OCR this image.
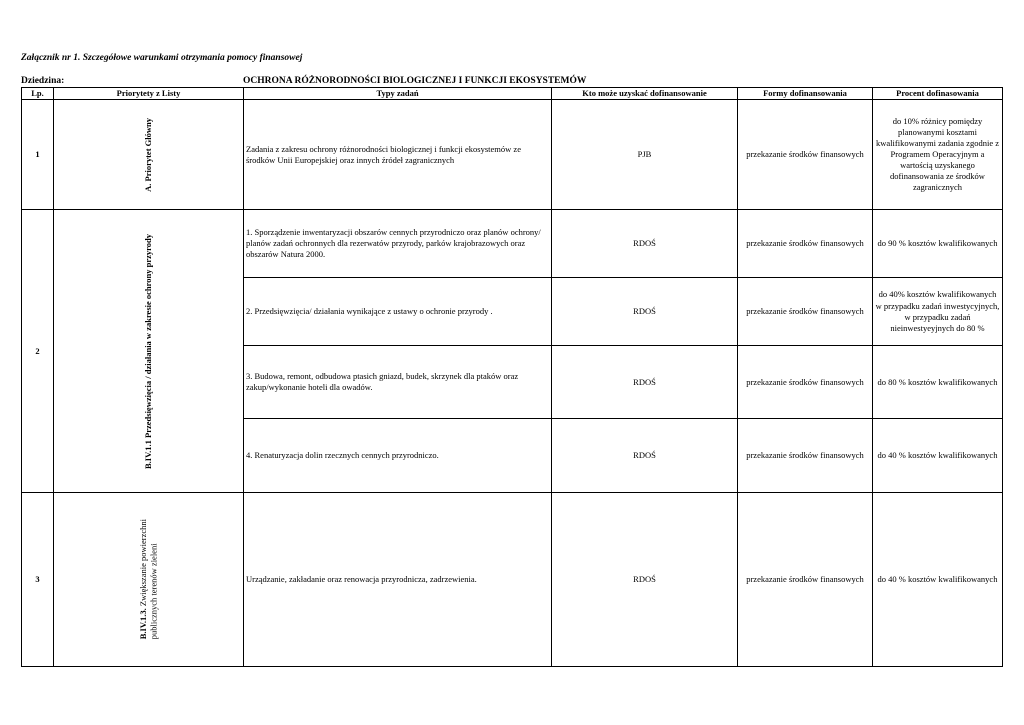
Załącznik nr 1. Szczegółowe warunkami otrzymania pomocy finansowej
Dziedzina:	OCHRONA RÓŻNORODNOŚCI BIOLOGICZNEJ I FUNKCJI EKOSYSTEMÓW
Lp.	Priorytety z Listy	Typy zadań	Kto może uzyskać dofinansowanie	Formy dofinansowania	Procent dofinasowania
1	A. Priorytet Główny	Zadania z zakresu ochrony różnorodności biologicznej i funkcji ekosystemów ze środków Unii Europejskiej oraz innych źródeł zagranicznych	PJB	przekazanie środków finansowych	do 10% różnicy pomiędzy planowanymi kosztami kwalifikowanymi zadania zgodnie z Programem Operacyjnym a wartością uzyskanego dofinansowania ze środków zagranicznych
2	B.IV.1.1 Przedsięwzięcia / działania w zakresie ochrony przyrody	1. Sporządzenie inwentaryzacji obszarów cennych przyrodniczo oraz planów ochrony/ planów zadań ochronnych dla rezerwatów przyrody, parków krajobrazowych oraz obszarów Natura 2000.	RDOŚ	przekazanie środków finansowych	do 90 % kosztów kwalifikowanych
		2. Przedsięwzięcia/ działania wynikające z ustawy o ochronie przyrody .	RDOŚ	przekazanie środków finansowych	do 40% kosztów kwalifikowanych w przypadku zadań inwestycyjnych, w przypadku zadań nieinwestyeyjnych do 80 %
		3. Budowa, remont, odbudowa ptasich gniazd, budek, skrzynek dla ptaków oraz zakup/wykonanie hoteli dla owadów.	RDOŚ	przekazanie środków finansowych	do 80 % kosztów kwalifikowanych
		4. Renaturyzacja dolin rzecznych cennych przyrodniczo.	RDOŚ	przekazanie środków finansowych	do 40 % kosztów kwalifikowanych
3	B.IV.1.3. Zwiększanie powierzchni
publicznych terenów zieleni	Urządzanie, zakładanie oraz renowacja przyrodnicza, zadrzewienia.	RDOŚ	przekazanie środków finansowych	do 40 % kosztów kwalifikowanych
